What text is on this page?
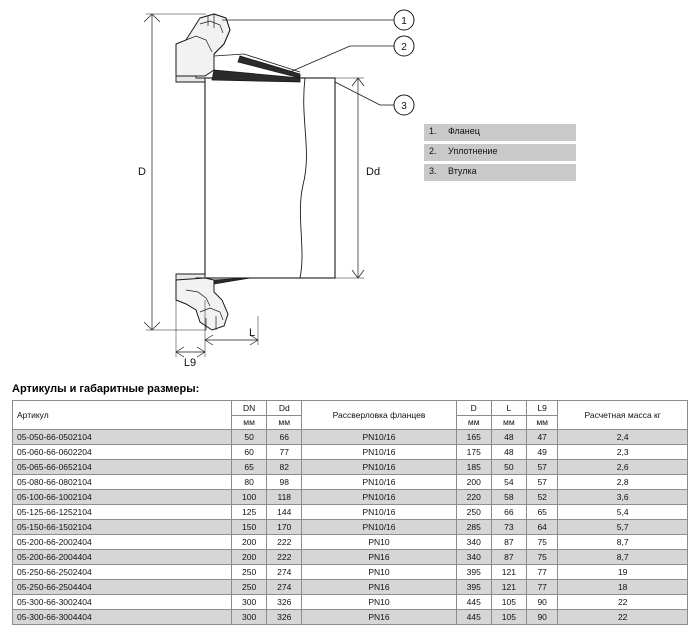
1
2
3
D	Dd
L
L9
1. Фланец
2. Уплотнение
3. Втулка
Артикулы и габаритные размеры:
Артикул	DN	Dd	Рассверловка фланцев	D	L	L9	Расчетная масса кг
	мм	мм		мм	мм	мм	
05-050-66-0502104	50	66	PN10/16	165	48	47	2,4
05-060-66-0602204	60	77	PN10/16	175	48	49	2,3
05-065-66-0652104	65	82	PN10/16	185	50	57	2,6
05-080-66-0802104	80	98	PN10/16	200	54	57	2,8
05-100-66-1002104	100	118	PN10/16	220	58	52	3,6
05-125-66-1252104	125	144	PN10/16	250	66	65	5,4
05-150-66-1502104	150	170	PN10/16	285	73	64	5,7
05-200-66-2002404	200	222	PN10	340	87	75	8,7
05-200-66-2004404	200	222	PN16	340	87	75	8,7
05-250-66-2502404	250	274	PN10	395	121	77	19
05-250-66-2504404	250	274	PN16	395	121	77	18
05-300-66-3002404	300	326	PN10	445	105	90	22
05-300-66-3004404	300	326	PN16	445	105	90	22
